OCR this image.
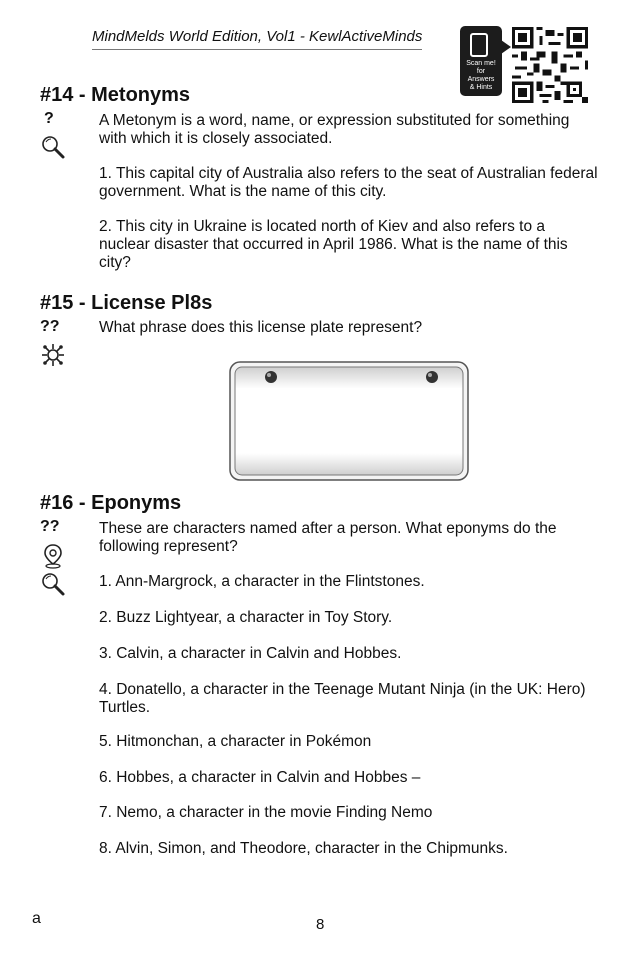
MindMelds World Edition, Vol1 - KewlActiveMinds
Scan me!
for
Answers
& Hints
#14 - Metonyms
?	A Metonym is a word, name, or expression substituted for something with which it is closely associated.
1. This capital city of Australia also refers to the seat of Australian federal government. What is the name of this city.
2. This city in Ukraine is located north of Kiev and also refers to a nuclear disaster that occurred in April 1986. What is the name of this city?
#15 - License Pl8s
??	What phrase does this license plate represent?
#16 - Eponyms
??	These are characters named after a person. What eponyms do the following represent?
1. Ann-Margrock, a character in the Flintstones.
2. Buzz Lightyear, a character in Toy Story.
3. Calvin, a character in Calvin and Hobbes.
4. Donatello, a character in the Teenage Mutant Ninja (in the UK: Hero) Turtles.
5. Hitmonchan, a character in Pokémon
6. Hobbes, a character in Calvin and Hobbes –
7. Nemo, a character in the movie Finding Nemo
8. Alvin, Simon, and Theodore, character in the Chipmunks.
a	8
